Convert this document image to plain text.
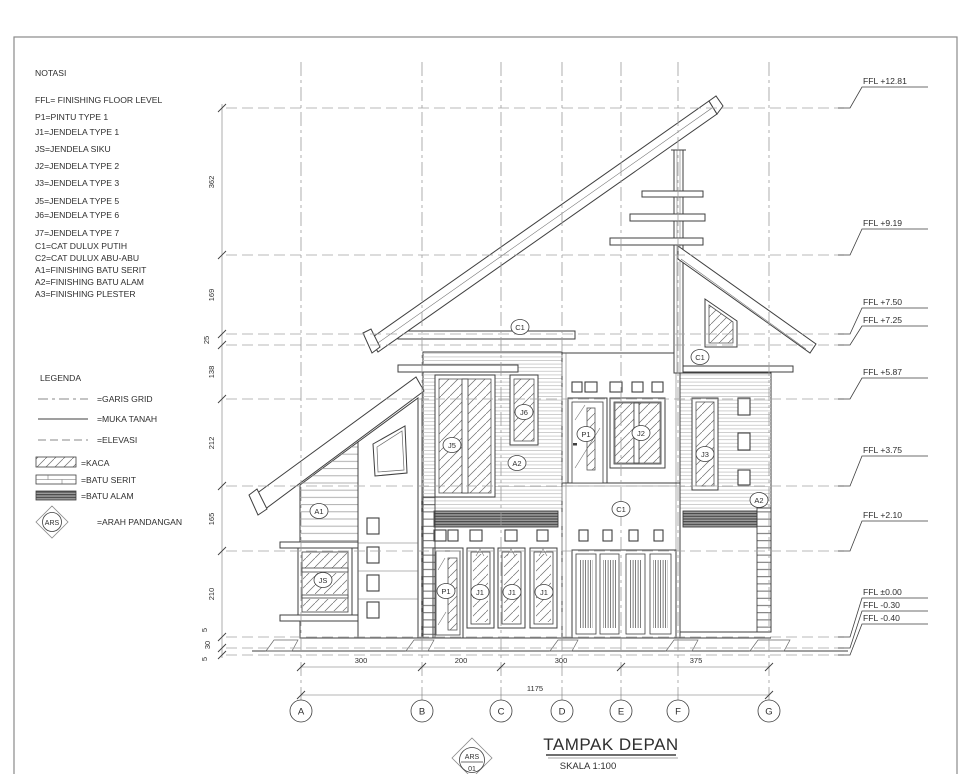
C1
C1
C1
A1
A2
A2
J5
J6
P1	J2
J3
JS
P1	J1	J1	J1
FFL +12.81
FFL +9.19
FFL +7.50
FFL +7.25
FFL +5.87
FFL +3.75
FFL +2.10
FFL ±0.00
FFL -0.30
FFL -0.40
362
169
25
138
212
165
210
5
30
5	300	200	300	375
1175
A	B	C	D	E	F	G
NOTASI
FFL= FINISHING FLOOR LEVEL
P1=PINTU TYPE 1
J1=JENDELA TYPE 1
JS=JENDELA SIKU
J2=JENDELA TYPE 2
J3=JENDELA TYPE 3
J5=JENDELA TYPE 5
J6=JENDELA TYPE 6
J7=JENDELA TYPE 7
C1=CAT DULUX PUTIH
C2=CAT DULUX ABU-ABU
A1=FINISHING BATU SERIT
A2=FINISHING BATU ALAM
A3=FINISHING PLESTER
LEGENDA
=GARIS GRID
=MUKA TANAH
=ELEVASI
=KACA
=BATU SERIT
=BATU ALAM
ARS	=ARAH PANDANGAN
TAMPAK DEPAN
SKALA 1:100
ARS
01
